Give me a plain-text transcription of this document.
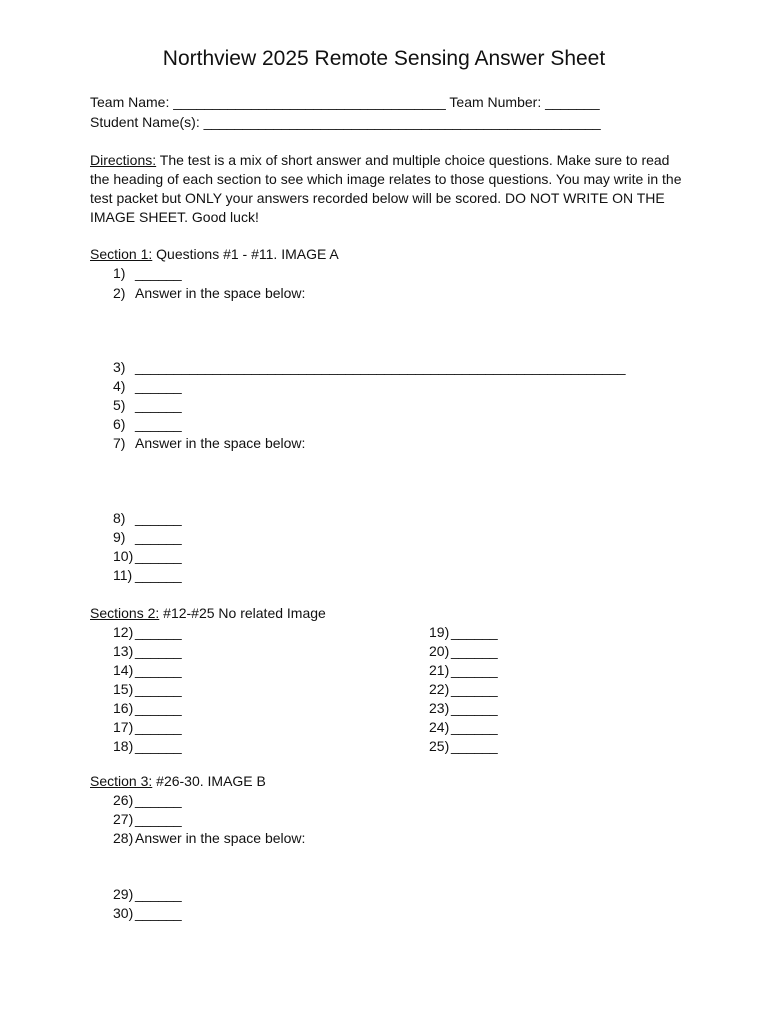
Northview 2025 Remote Sensing Answer Sheet
Team Name: ___________________________________ Team Number: _______
Student Name(s): ___________________________________________________
Directions: The test is a mix of short answer and multiple choice questions. Make sure to read the heading of each section to see which image relates to those questions. You may write in the test packet but ONLY your answers recorded below will be scored. DO NOT WRITE ON THE IMAGE SHEET. Good luck!
Section 1: Questions #1 - #11. IMAGE A
1) ______
2) Answer in the space below:
3) _______________________________________________________________
4) ______
5) ______
6) ______
7) Answer in the space below:
8) ______
9) ______
10) ______
11) ______
Sections 2: #12-#25 No related Image
12) ______
13) ______
14) ______
15) ______
16) ______
17) ______
18) ______
19) ______
20) ______
21) ______
22) ______
23) ______
24) ______
25) ______
Section 3: #26-30. IMAGE B
26) ______
27) ______
28) Answer in the space below:
29) ______
30) ______
